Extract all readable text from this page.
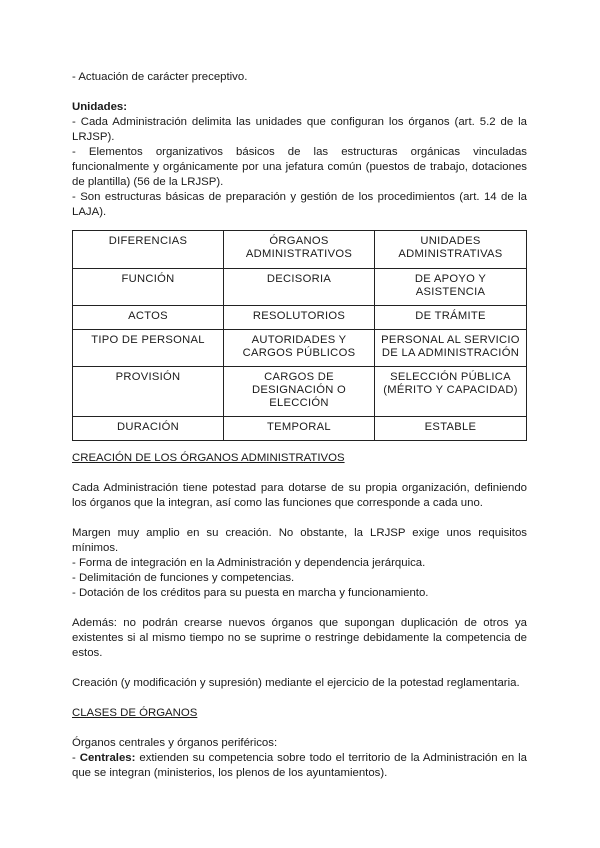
- Actuación de carácter preceptivo.

Unidades:

- Cada Administración delimita las unidades que configuran los órganos (art. 5.2 de la LRJSP).

- Elementos organizativos básicos de las estructuras orgánicas vinculadas funcionalmente y orgánicamente por una jefatura común (puestos de trabajo, dotaciones de plantilla) (56 de la LRJSP).

- Son estructuras básicas de preparación y gestión de los procedimientos (art. 14 de la LAJA).

DIFERENCIAS	ÓRGANOS ADMINISTRATIVOS	UNIDADES ADMINISTRATIVAS
FUNCIÓN	DECISORIA	DE APOYO Y ASISTENCIA
ACTOS	RESOLUTORIOS	DE TRÁMITE
TIPO DE PERSONAL	AUTORIDADES Y CARGOS PÚBLICOS	PERSONAL AL SERVICIO DE LA ADMINISTRACIÓN
PROVISIÓN	CARGOS DE DESIGNACIÓN O ELECCIÓN	SELECCIÓN PÚBLICA (MÉRITO Y CAPACIDAD)
DURACIÓN	TEMPORAL	ESTABLE

CREACIÓN DE LOS ÓRGANOS ADMINISTRATIVOS

Cada Administración tiene potestad para dotarse de su propia organización, definiendo los órganos que la integran, así como las funciones que corresponde a cada uno.

Margen muy amplio en su creación. No obstante, la LRJSP exige unos requisitos mínimos.

- Forma de integración en la Administración y dependencia jerárquica.

- Delimitación de funciones y competencias.

- Dotación de los créditos para su puesta en marcha y funcionamiento.

Además: no podrán crearse nuevos órganos que supongan duplicación de otros ya existentes si al mismo tiempo no se suprime o restringe debidamente la competencia de estos.

Creación (y modificación y supresión) mediante el ejercicio de la potestad reglamentaria.

CLASES DE ÓRGANOS

Órganos centrales y órganos periféricos:

- Centrales: extienden su competencia sobre todo el territorio de la Administración en la que se integran (ministerios, los plenos de los ayuntamientos).
